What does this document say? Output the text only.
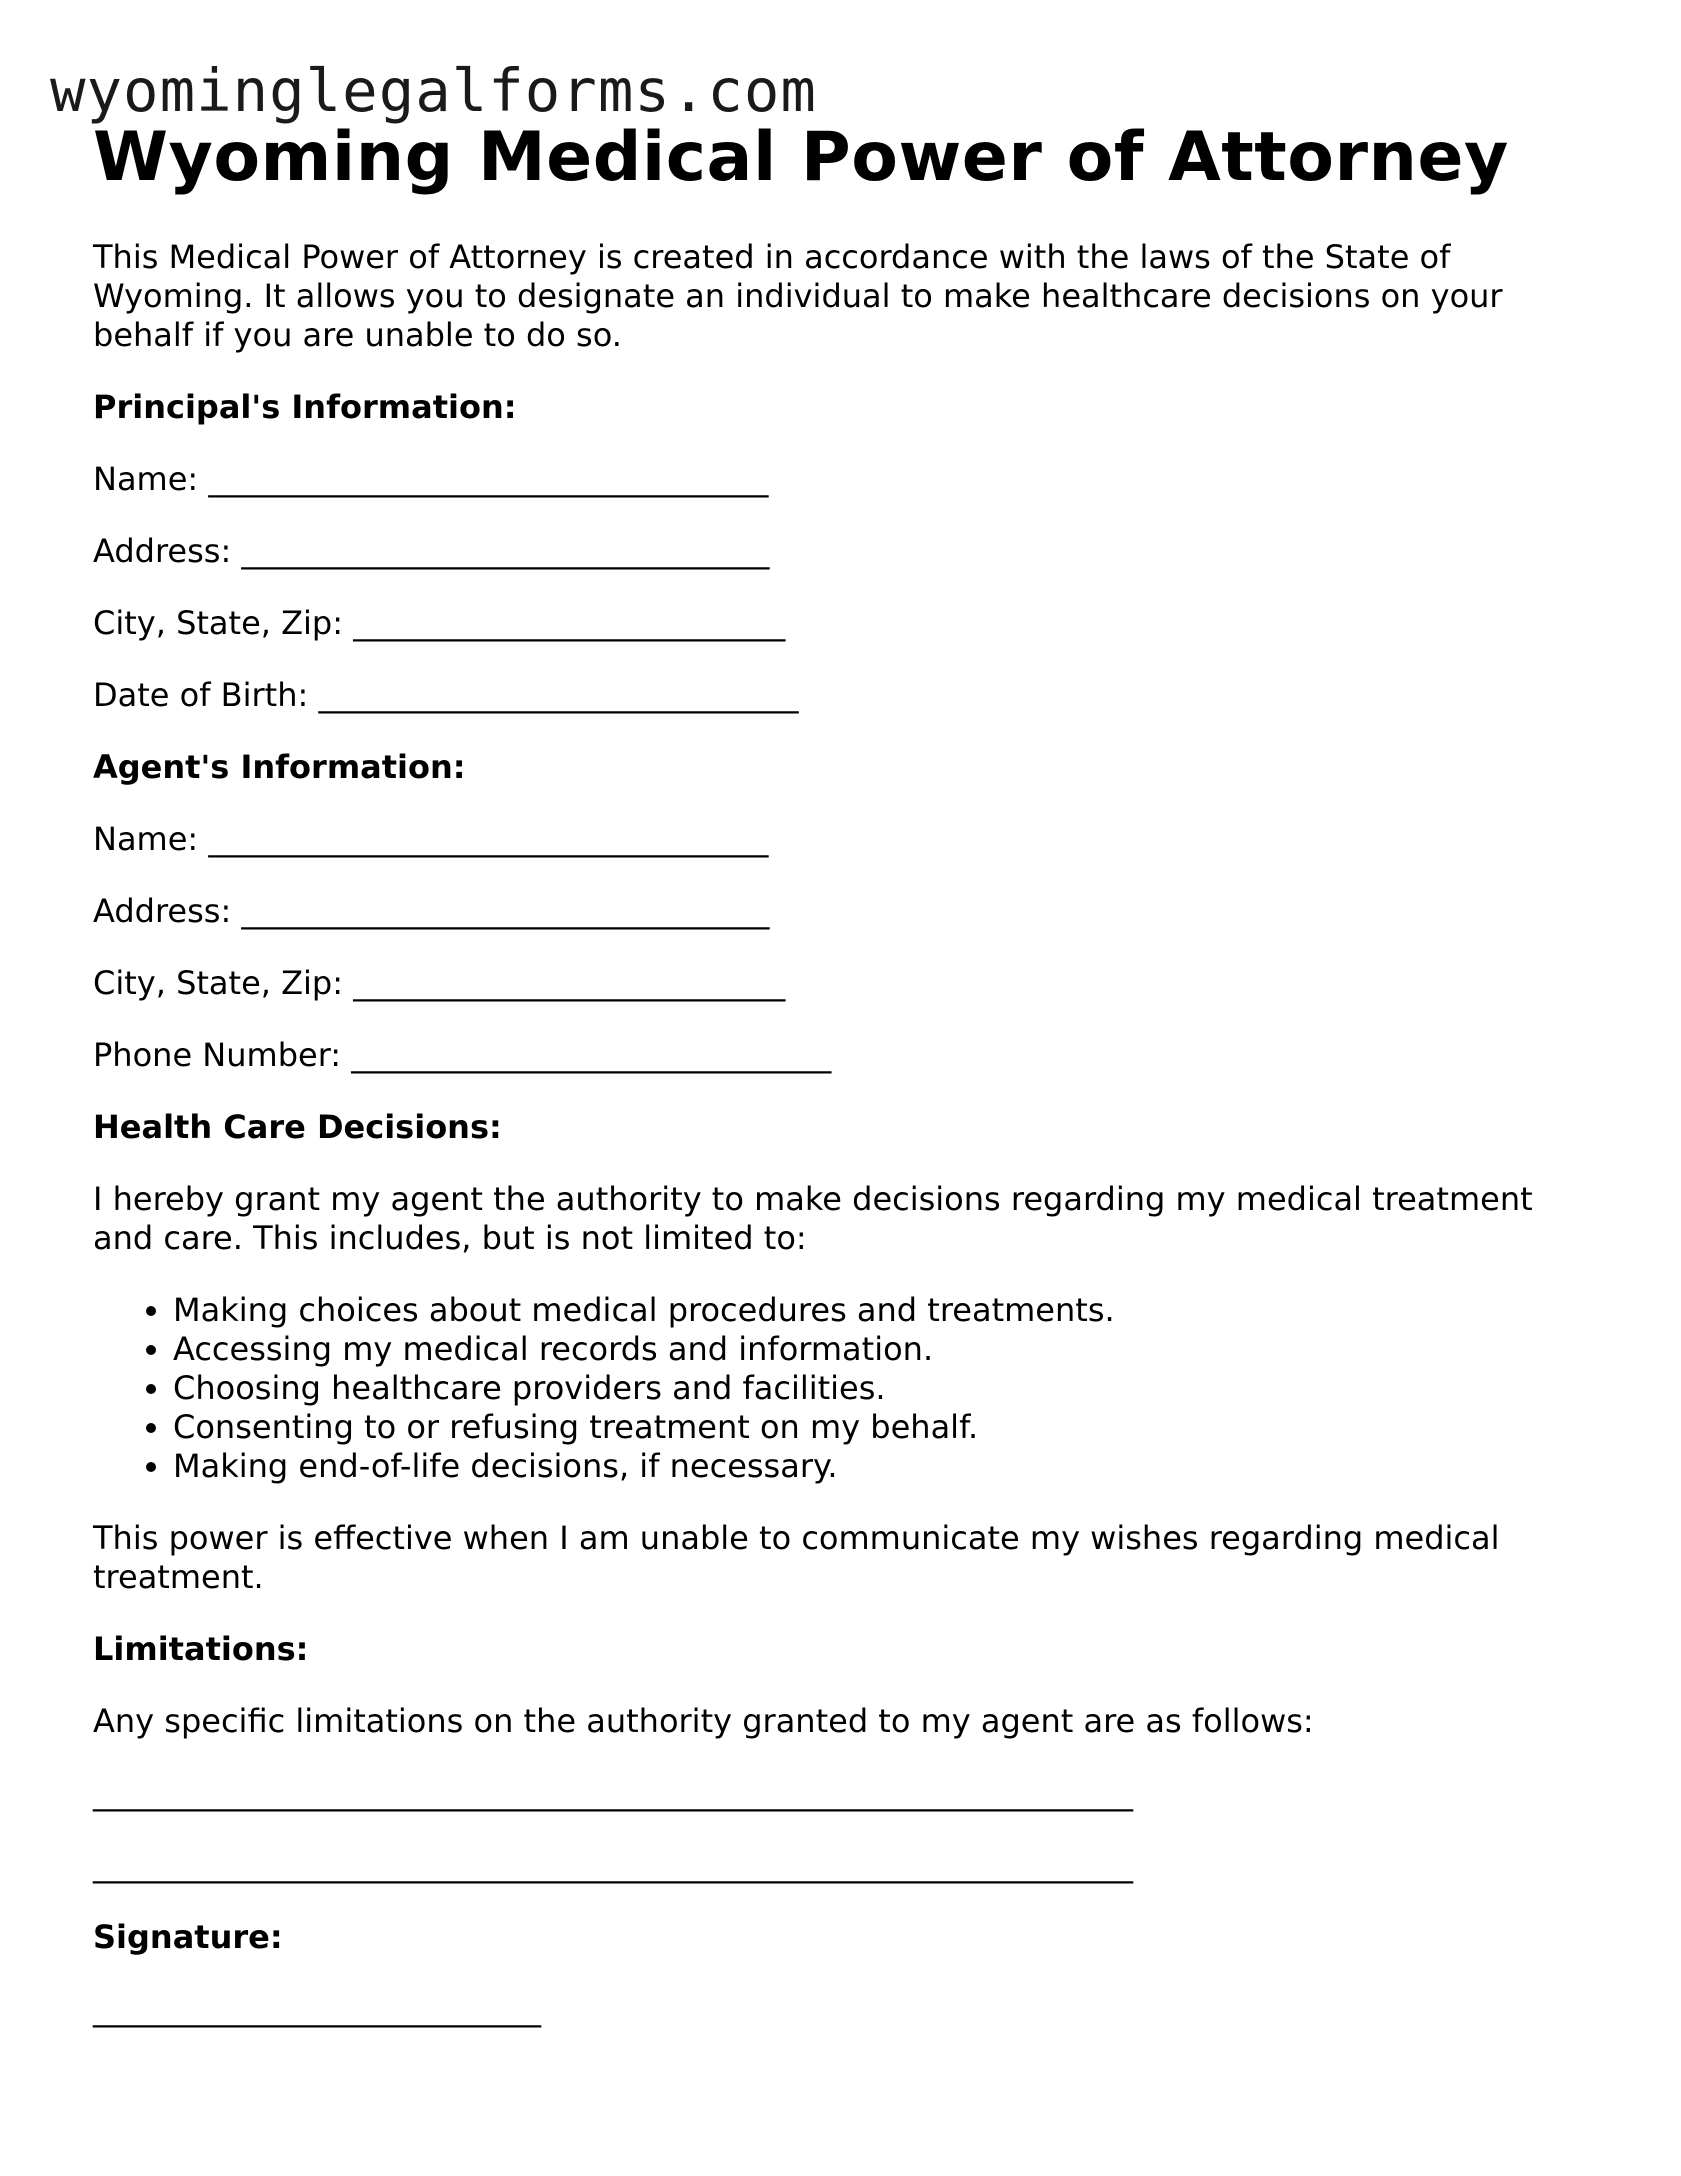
wyominglegalforms.com
Wyoming Medical Power of Attorney

This Medical Power of Attorney is created in accordance with the laws of the State of Wyoming. It allows you to designate an individual to make healthcare decisions on your behalf if you are unable to do so.

Principal's Information:

Name: ___________________________________

Address: _________________________________

City, State, Zip: ___________________________

Date of Birth: ______________________________

Agent's Information:

Name: ___________________________________

Address: _________________________________

City, State, Zip: ___________________________

Phone Number: ______________________________

Health Care Decisions:

I hereby grant my agent the authority to make decisions regarding my medical treatment and care. This includes, but is not limited to:

• Making choices about medical procedures and treatments.
• Accessing my medical records and information.
• Choosing healthcare providers and facilities.
• Consenting to or refusing treatment on my behalf.
• Making end-of-life decisions, if necessary.

This power is effective when I am unable to communicate my wishes regarding medical treatment.

Limitations:

Any specific limitations on the authority granted to my agent are as follows:

_________________________________________________________________

_________________________________________________________________

Signature:

____________________________
